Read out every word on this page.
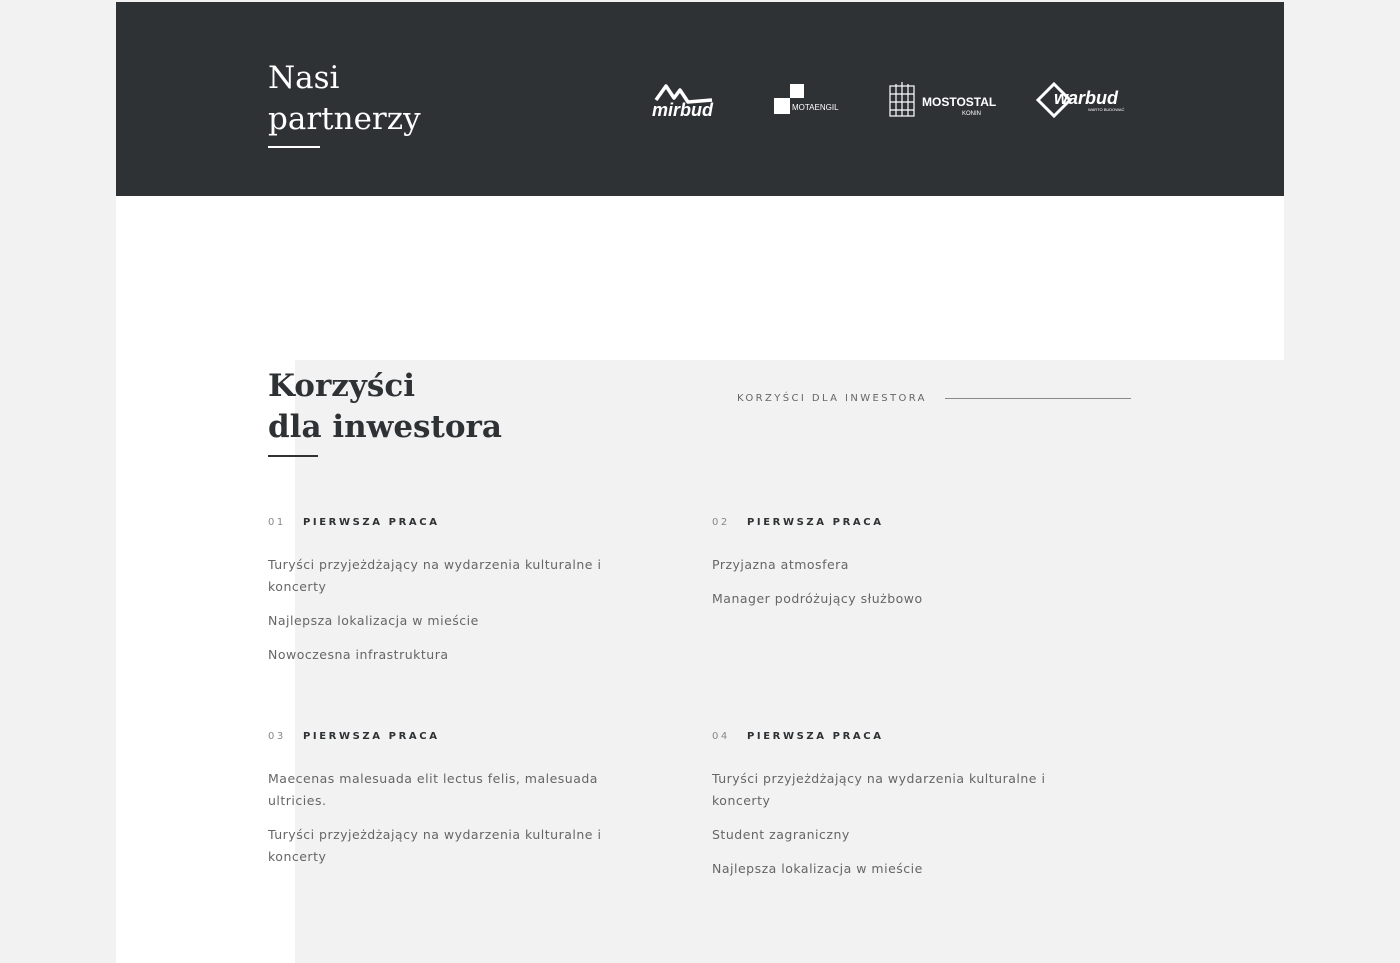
Nasi
partnerzy	mirbud	MOTAENGIL	MOSTOSTAL
KONIN
warbud
WARTO BUDOWAĆ
Korzyści
dla inwestora
KORZYŚCI DLA INWESTORA
01	PIERWSZA PRACA

Turyści przyjeżdżający na wydarzenia kulturalne i koncerty

Najlepsza lokalizacja w mieście

Nowoczesna infrastruktura

02	PIERWSZA PRACA

Przyjazna atmosfera

Manager podróżujący służbowo

03	PIERWSZA PRACA

Maecenas malesuada elit lectus felis, malesuada ultricies.

Turyści przyjeżdżający na wydarzenia kulturalne i koncerty

04	PIERWSZA PRACA

Turyści przyjeżdżający na wydarzenia kulturalne i koncerty

Student zagraniczny

Najlepsza lokalizacja w mieście
